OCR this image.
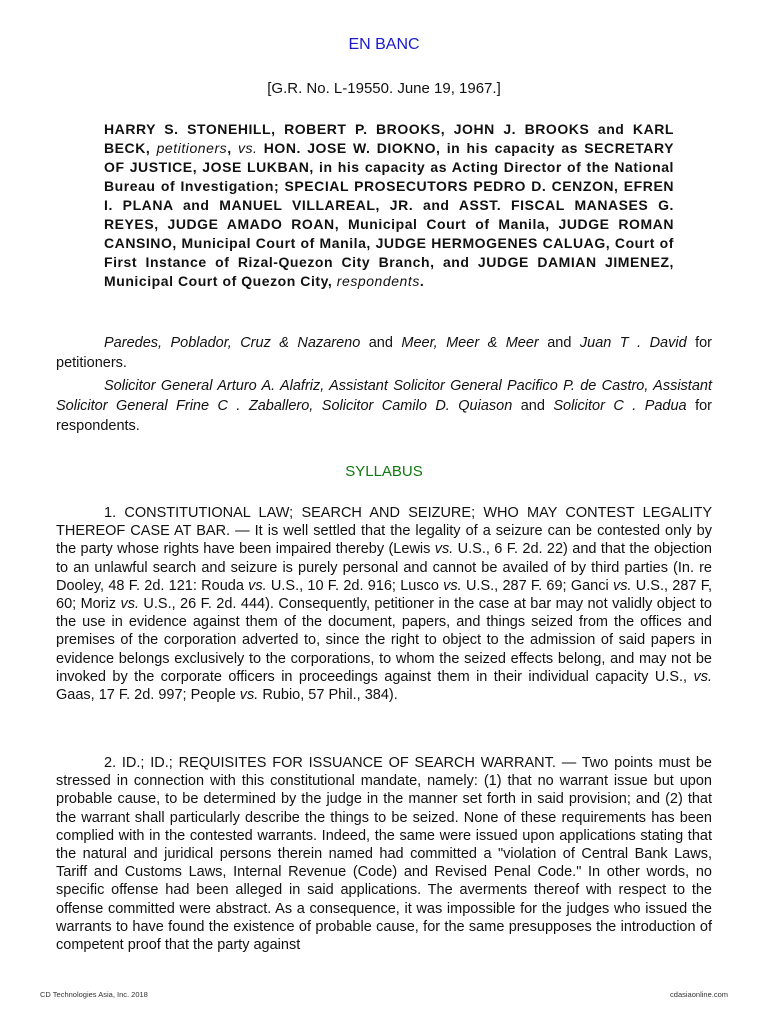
EN BANC
[G.R. No. L-19550. June 19, 1967.]
HARRY S. STONEHILL, ROBERT P. BROOKS, JOHN J. BROOKS and KARL BECK, petitioners, vs. HON. JOSE W. DIOKNO, in his capacity as SECRETARY OF JUSTICE, JOSE LUKBAN, in his capacity as Acting Director of the National Bureau of Investigation; SPECIAL PROSECUTORS PEDRO D. CENZON, EFREN I. PLANA and MANUEL VILLAREAL, JR. and ASST. FISCAL MANASES G. REYES, JUDGE AMADO ROAN, Municipal Court of Manila, JUDGE ROMAN CANSINO, Municipal Court of Manila, JUDGE HERMOGENES CALUAG, Court of First Instance of Rizal-Quezon City Branch, and JUDGE DAMIAN JIMENEZ, Municipal Court of Quezon City, respondents.
Paredes, Poblador, Cruz & Nazareno and Meer, Meer & Meer and Juan T . David for petitioners.
Solicitor General Arturo A. Alafriz, Assistant Solicitor General Pacifico P. de Castro, Assistant Solicitor General Frine C . Zaballero, Solicitor Camilo D. Quiason and Solicitor C . Padua for respondents.
SYLLABUS
1. CONSTITUTIONAL LAW; SEARCH AND SEIZURE; WHO MAY CONTEST LEGALITY THEREOF CASE AT BAR. — It is well settled that the legality of a seizure can be contested only by the party whose rights have been impaired thereby (Lewis vs. U.S., 6 F. 2d. 22) and that the objection to an unlawful search and seizure is purely personal and cannot be availed of by third parties (In. re Dooley, 48 F. 2d. 121: Rouda vs. U.S., 10 F. 2d. 916; Lusco vs. U.S., 287 F. 69; Ganci vs. U.S., 287 F, 60; Moriz vs. U.S., 26 F. 2d. 444). Consequently, petitioner in the case at bar may not validly object to the use in evidence against them of the document, papers, and things seized from the offices and premises of the corporation adverted to, since the right to object to the admission of said papers in evidence belongs exclusively to the corporations, to whom the seized effects belong, and may not be invoked by the corporate officers in proceedings against them in their individual capacity U.S., vs. Gaas, 17 F. 2d. 997; People vs. Rubio, 57 Phil., 384).
2. ID.; ID.; REQUISITES FOR ISSUANCE OF SEARCH WARRANT. — Two points must be stressed in connection with this constitutional mandate, namely: (1) that no warrant issue but upon probable cause, to be determined by the judge in the manner set forth in said provision; and (2) that the warrant shall particularly describe the things to be seized. None of these requirements has been complied with in the contested warrants. Indeed, the same were issued upon applications stating that the natural and juridical persons therein named had committed a "violation of Central Bank Laws, Tariff and Customs Laws, Internal Revenue (Code) and Revised Penal Code." In other words, no specific offense had been alleged in said applications. The averments thereof with respect to the offense committed were abstract. As a consequence, it was impossible for the judges who issued the warrants to have found the existence of probable cause, for the same presupposes the introduction of competent proof that the party against
CD Technologies Asia, Inc. 2018	cdasiaonline.com
